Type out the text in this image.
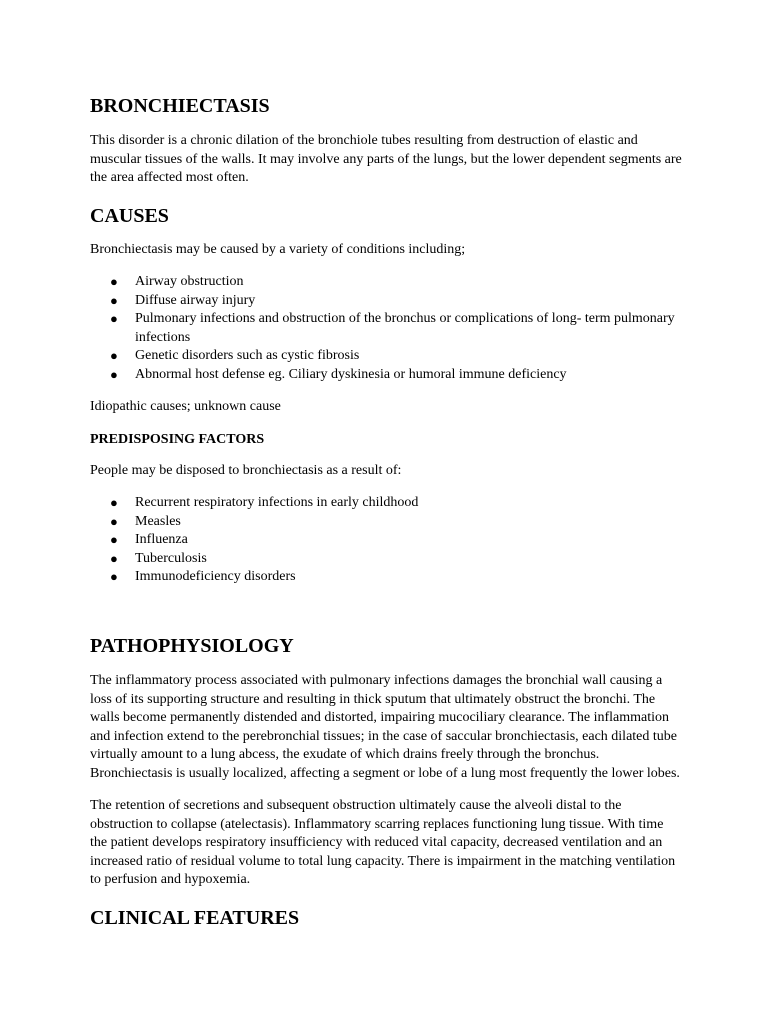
BRONCHIECTASIS

This disorder is a chronic dilation of the bronchiole tubes resulting from destruction of elastic and muscular tissues of the walls. It may involve any parts of the lungs, but the lower dependent segments are the area affected most often.

CAUSES

Bronchiectasis may be caused by a variety of conditions including;

● Airway obstruction
● Diffuse airway injury
● Pulmonary infections and obstruction of the bronchus or complications of long- term pulmonary infections
● Genetic disorders such as cystic fibrosis
● Abnormal host defense eg. Ciliary dyskinesia or humoral immune deficiency

Idiopathic causes; unknown cause

PREDISPOSING FACTORS

People may be disposed to bronchiectasis as a result of:

● Recurrent respiratory infections in early childhood
● Measles
● Influenza
● Tuberculosis
● Immunodeficiency disorders
PATHOPHYSIOLOGY

The inflammatory process associated with pulmonary infections damages the bronchial wall causing a loss of its supporting structure and resulting in thick sputum that ultimately obstruct the bronchi. The walls become permanently distended and distorted, impairing mucociliary clearance. The inflammation and infection extend to the perebronchial tissues; in the case of saccular bronchiectasis, each dilated tube virtually amount to a lung abcess, the exudate of which drains freely through the bronchus. Bronchiectasis is usually localized, affecting a segment or lobe of a lung most frequently the lower lobes.

The retention of secretions and subsequent obstruction ultimately cause the alveoli distal to the obstruction to collapse (atelectasis). Inflammatory scarring replaces functioning lung tissue. With time the patient develops respiratory insufficiency with reduced vital capacity, decreased ventilation and an increased ratio of residual volume to total lung capacity. There is impairment in the matching ventilation to perfusion and hypoxemia.

CLINICAL FEATURES
